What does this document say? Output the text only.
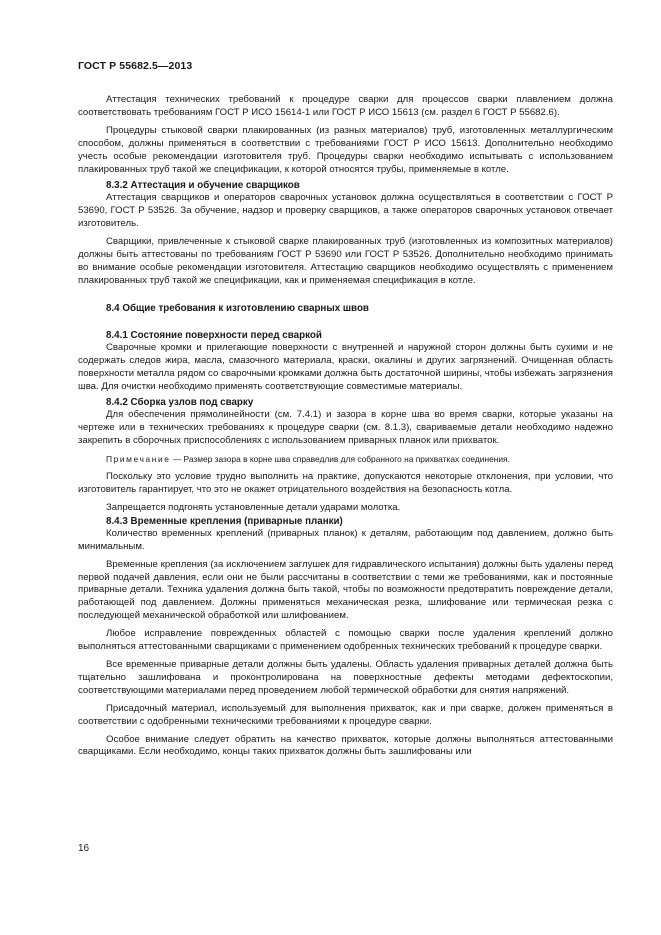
ГОСТ Р 55682.5—2013

Аттестация технических требований к процедуре сварки для процессов сварки плавлением должна соответствовать требованиям ГОСТ Р ИСО 15614-1 или ГОСТ Р ИСО 15613 (см. раздел 6 ГОСТ Р 55682.6).

Процедуры стыковой сварки плакированных (из разных материалов) труб, изготовленных металлургическим способом, должны применяться в соответствии с требованиями ГОСТ Р ИСО 15613. Дополнительно необходимо учесть особые рекомендации изготовителя труб. Процедуры сварки необходимо испытывать с использованием плакированных труб такой же спецификации, к которой относятся трубы, применяемые в котле.

8.3.2 Аттестация и обучение сварщиков

Аттестация сварщиков и операторов сварочных установок должна осуществляться в соответствии с ГОСТ Р 53690, ГОСТ Р 53526. За обучение, надзор и проверку сварщиков, а также операторов сварочных установок отвечает изготовитель.

Сварщики, привлеченные к стыковой сварке плакированных труб (изготовленных из композитных материалов) должны быть аттестованы по требованиям ГОСТ Р 53690 или ГОСТ Р 53526. Дополнительно необходимо принимать во внимание особые рекомендации изготовителя. Аттестацию сварщиков необходимо осуществлять с применением плакированных труб такой же спецификации, как и применяемая спецификация в котле.

8.4 Общие требования к изготовлению сварных швов
8.4.1 Состояние поверхности перед сваркой

Сварочные кромки и прилегающие поверхности с внутренней и наружной сторон должны быть сухими и не содержать следов жира, масла, смазочного материала, краски, окалины и других загрязнений. Очищенная область поверхности металла рядом со сварочными кромками должна быть достаточной ширины, чтобы избежать загрязнения шва. Для очистки необходимо применять соответствующие совместимые материалы.

8.4.2 Сборка узлов под сварку

Для обеспечения прямолинейности (см. 7.4.1) и зазора в корне шва во время сварки, которые указаны на чертеже или в технических требованиях к процедуре сварки (см. 8.1.3), свариваемые детали необходимо надежно закрепить в сборочных приспособлениях с использованием приварных планок или прихваток.

Примечание — Размер зазора в корне шва справедлив для собранного на прихватках соединения.

Поскольку это условие трудно выполнить на практике, допускаются некоторые отклонения, при условии, что изготовитель гарантирует, что это не окажет отрицательного воздействия на безопасность котла.

Запрещается подгонять установленные детали ударами молотка.

8.4.3 Временные крепления (приварные планки)

Количество временных креплений (приварных планок) к деталям, работающим под давлением, должно быть минимальным.

Временные крепления (за исключением заглушек для гидравлического испытания) должны быть удалены перед первой подачей давления, если они не были рассчитаны в соответствии с теми же требованиями, как и постоянные приварные детали. Техника удаления должна быть такой, чтобы по возможности предотвратить повреждение детали, работающей под давлением. Должны применяться механическая резка, шлифование или термическая резка с последующей механической обработкой или шлифованием.

Любое исправление поврежденных областей с помощью сварки после удаления креплений должно выполняться аттестованными сварщиками с применением одобренных технических требований к процедуре сварки.

Все временные приварные детали должны быть удалены. Область удаления приварных деталей должна быть тщательно зашлифована и проконтролирована на поверхностные дефекты методами дефектоскопии, соответствующими материалами перед проведением любой термической обработки для снятия напряжений.

Присадочный материал, используемый для выполнения прихваток, как и при сварке, должен применяться в соответствии с одобренными техническими требованиями к процедуре сварки.

Особое внимание следует обратить на качество прихваток, которые должны выполняться аттестованными сварщиками. Если необходимо, концы таких прихваток должны быть зашлифованы или

16
